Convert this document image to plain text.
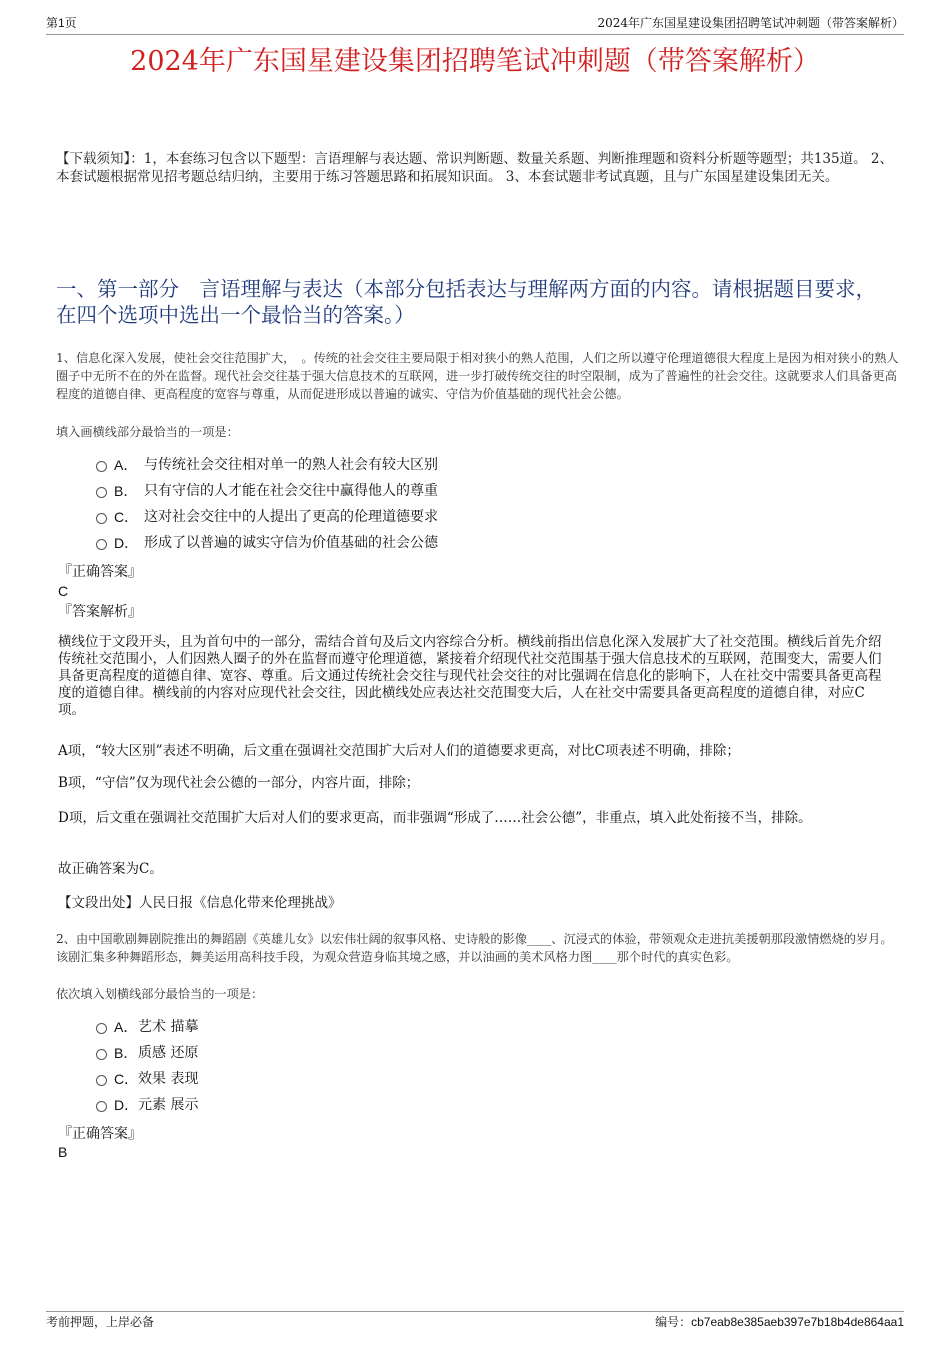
第1页	2024年广东国星建设集团招聘笔试冲刺题（带答案解析）
2024年广东国星建设集团招聘笔试冲刺题（带答案解析）
【下载须知】：1，本套练习包含以下题型：言语理解与表达题、常识判断题、数量关系题、判断推理题和资料分析题等题型；共135道。 2、本套试题根据常见招考题总结归纳，主要用于练习答题思路和拓展知识面。 3、本套试题非考试真题，且与广东国星建设集团无关。
一、第一部分　言语理解与表达（本部分包括表达与理解两方面的内容。请根据题目要求，在四个选项中选出一个最恰当的答案。）
1、信息化深入发展，使社会交往范围扩大，　。传统的社会交往主要局限于相对狭小的熟人范围，人们之所以遵守伦理道德很大程度上是因为相对狭小的熟人圈子中无所不在的外在监督。现代社会交往基于强大信息技术的互联网，进一步打破传统交往的时空限制，成为了普遍性的社会交往。这就要求人们具备更高程度的道德自律、更高程度的宽容与尊重，从而促进形成以普遍的诚实、守信为价值基础的现代社会公德。
填入画横线部分最恰当的一项是：
A． 与传统社会交往相对单一的熟人社会有较大区别
B． 只有守信的人才能在社会交往中赢得他人的尊重
C． 这对社会交往中的人提出了更高的伦理道德要求
D． 形成了以普遍的诚实守信为价值基础的社会公德
『正确答案』
C
『答案解析』
横线位于文段开头，且为首句中的一部分，需结合首句及后文内容综合分析。横线前指出信息化深入发展扩大了社交范围。横线后首先介绍传统社交范围小，人们因熟人圈子的外在监督而遵守伦理道德，紧接着介绍现代社交范围基于强大信息技术的互联网，范围变大，需要人们具备更高程度的道德自律、宽容、尊重。后文通过传统社会交往与现代社会交往的对比强调在信息化的影响下，人在社交中需要具备更高程度的道德自律。横线前的内容对应现代社会交往，因此横线处应表达社交范围变大后，人在社交中需要具备更高程度的道德自律，对应C项。
A项，“较大区别”表述不明确，后文重在强调社交范围扩大后对人们的道德要求更高，对比C项表述不明确，排除；
B项，“守信”仅为现代社会公德的一部分，内容片面，排除；
D项，后文重在强调社交范围扩大后对人们的要求更高，而非强调“形成了……社会公德”，非重点，填入此处衔接不当，排除。
故正确答案为C。
【文段出处】人民日报《信息化带来伦理挑战》
2、由中国歌剧舞剧院推出的舞蹈剧《英雄儿女》以宏伟壮阔的叙事风格、史诗般的影像____、沉浸式的体验，带领观众走进抗美援朝那段激情燃烧的岁月。该剧汇集多种舞蹈形态，舞美运用高科技手段，为观众营造身临其境之感，并以油画的美术风格力图____那个时代的真实色彩。
依次填入划横线部分最恰当的一项是：
A． 艺术 描摹
B． 质感 还原
C． 效果 表现
D． 元素 展示
『正确答案』
B
考前押题，上岸必备	编号：cb7eab8e385aeb397e7b18b4de864aa1
